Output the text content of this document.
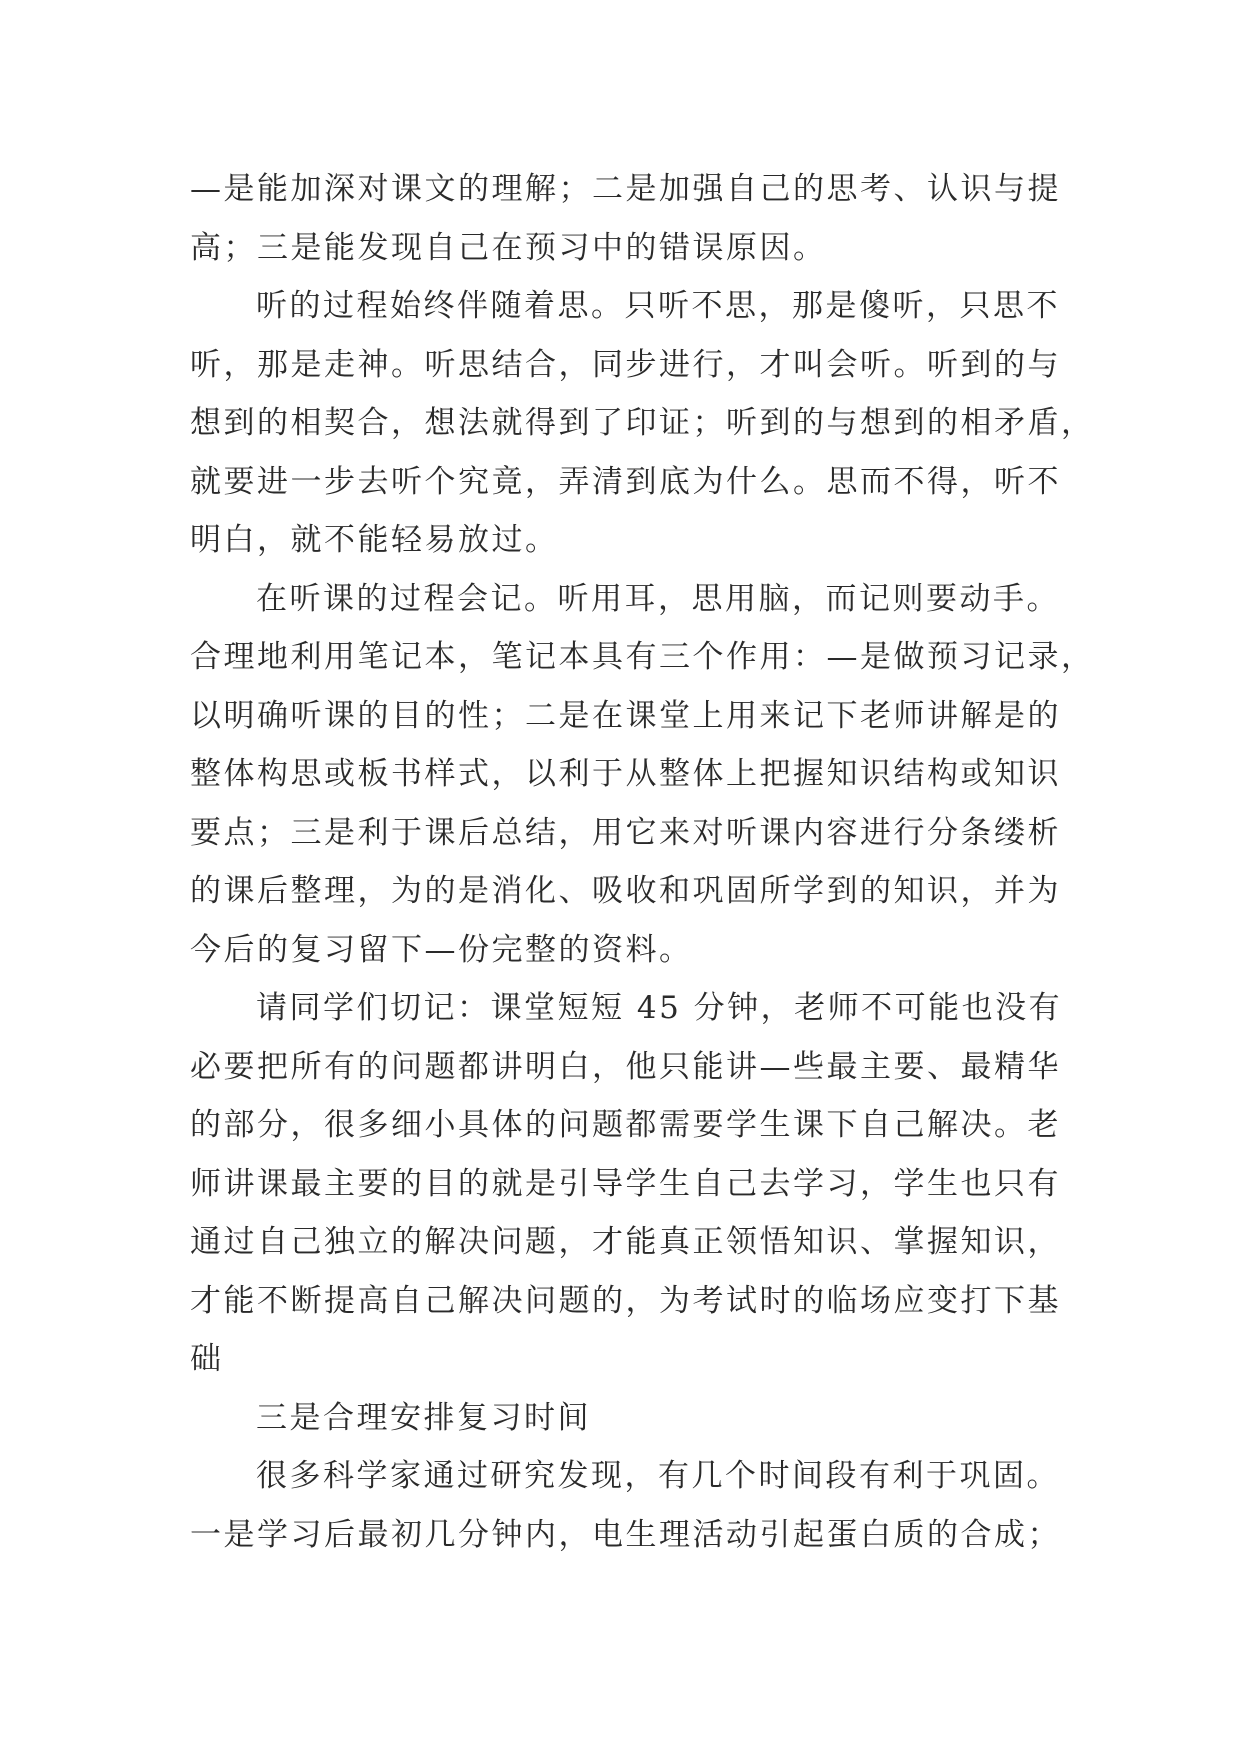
—是能加深对课文的理解；二是加强自己的思考、认识与提
高；三是能发现自己在预习中的错误原因。
听的过程始终伴随着思。只听不思，那是傻听，只思不
听，那是走神。听思结合，同步进行，才叫会听。听到的与
想到的相契合，想法就得到了印证；听到的与想到的相矛盾，
就要进一步去听个究竟，弄清到底为什么。思而不得，听不
明白，就不能轻易放过。
在听课的过程会记。听用耳，思用脑，而记则要动手。
合理地利用笔记本，笔记本具有三个作用：—是做预习记录，
以明确听课的目的性；二是在课堂上用来记下老师讲解是的
整体构思或板书样式，以利于从整体上把握知识结构或知识
要点；三是利于课后总结，用它来对听课内容进行分条缕析
的课后整理，为的是消化、吸收和巩固所学到的知识，并为
今后的复习留下—份完整的资料。
请同学们切记：课堂短短 45 分钟，老师不可能也没有
必要把所有的问题都讲明白，他只能讲—些最主要、最精华
的部分，很多细小具体的问题都需要学生课下自己解决。老
师讲课最主要的目的就是引导学生自己去学习，学生也只有
通过自己独立的解决问题，才能真正领悟知识、掌握知识，
才能不断提高自己解决问题的，为考试时的临场应变打下基
础
三是合理安排复习时间
很多科学家通过研究发现，有几个时间段有利于巩固。
一是学习后最初几分钟内，电生理活动引起蛋白质的合成；
